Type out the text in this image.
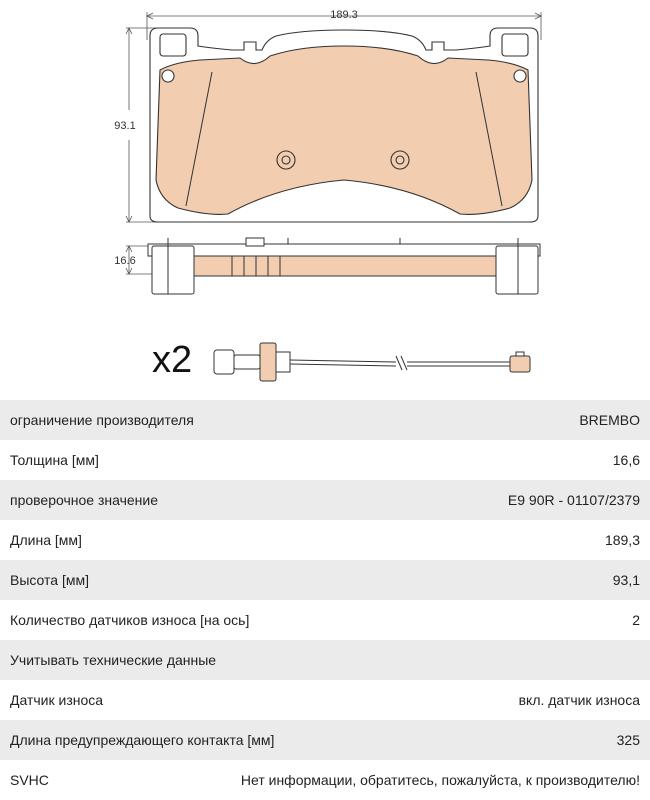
189.3
93.1
16.6
x2
ограничение производителя	BREMBO
Толщина [мм]	16,6
проверочное значение	E9 90R - 01107/2379
Длина [мм]	189,3
Высота [мм]	93,1
Количество датчиков износа [на ось]	2
Учитывать технические данные
Датчик износа	вкл. датчик износа
Длина предупреждающего контакта [мм]	325
SVHC	Нет информации, обратитесь, пожалуйста, к производителю!
